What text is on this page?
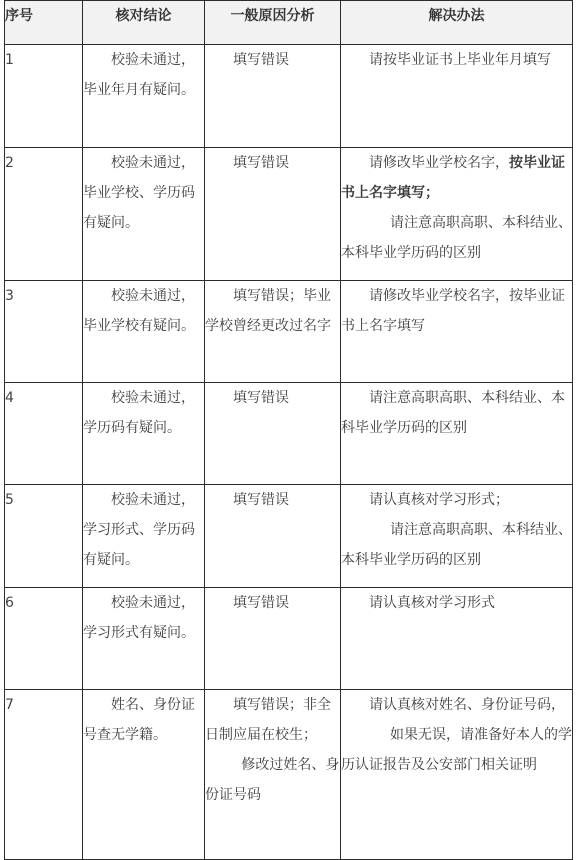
序号	核对结论	一般原因分析	解决办法
1	校验未通过，毕业年月有疑问。	填写错误	请按毕业证书上毕业年月填写

2	校验未通过，毕业学校、学历码有疑问。	填写错误	请修改毕业学校名字，按毕业证书上名字填写；
请注意高职高职、本科结业、本科毕业学历码的区别

3	校验未通过，毕业学校有疑问。	填写错误；毕业学校曾经更改过名字	请修改毕业学校名字，按毕业证书上名字填写

4	校验未通过，学历码有疑问。	填写错误	请注意高职高职、本科结业、本科毕业学历码的区别

5	校验未通过，学习形式、学历码有疑问。	填写错误	请认真核对学习形式；
请注意高职高职、本科结业、本科毕业学历码的区别

6	校验未通过，学习形式有疑问。	填写错误	请认真核对学习形式

7	姓名、身份证号查无学籍。	填写错误；非全日制应届在校生；
修改过姓名、身份证号码	请认真核对姓名、身份证号码，
如果无误，请准备好本人的学历认证报告及公安部门相关证明
